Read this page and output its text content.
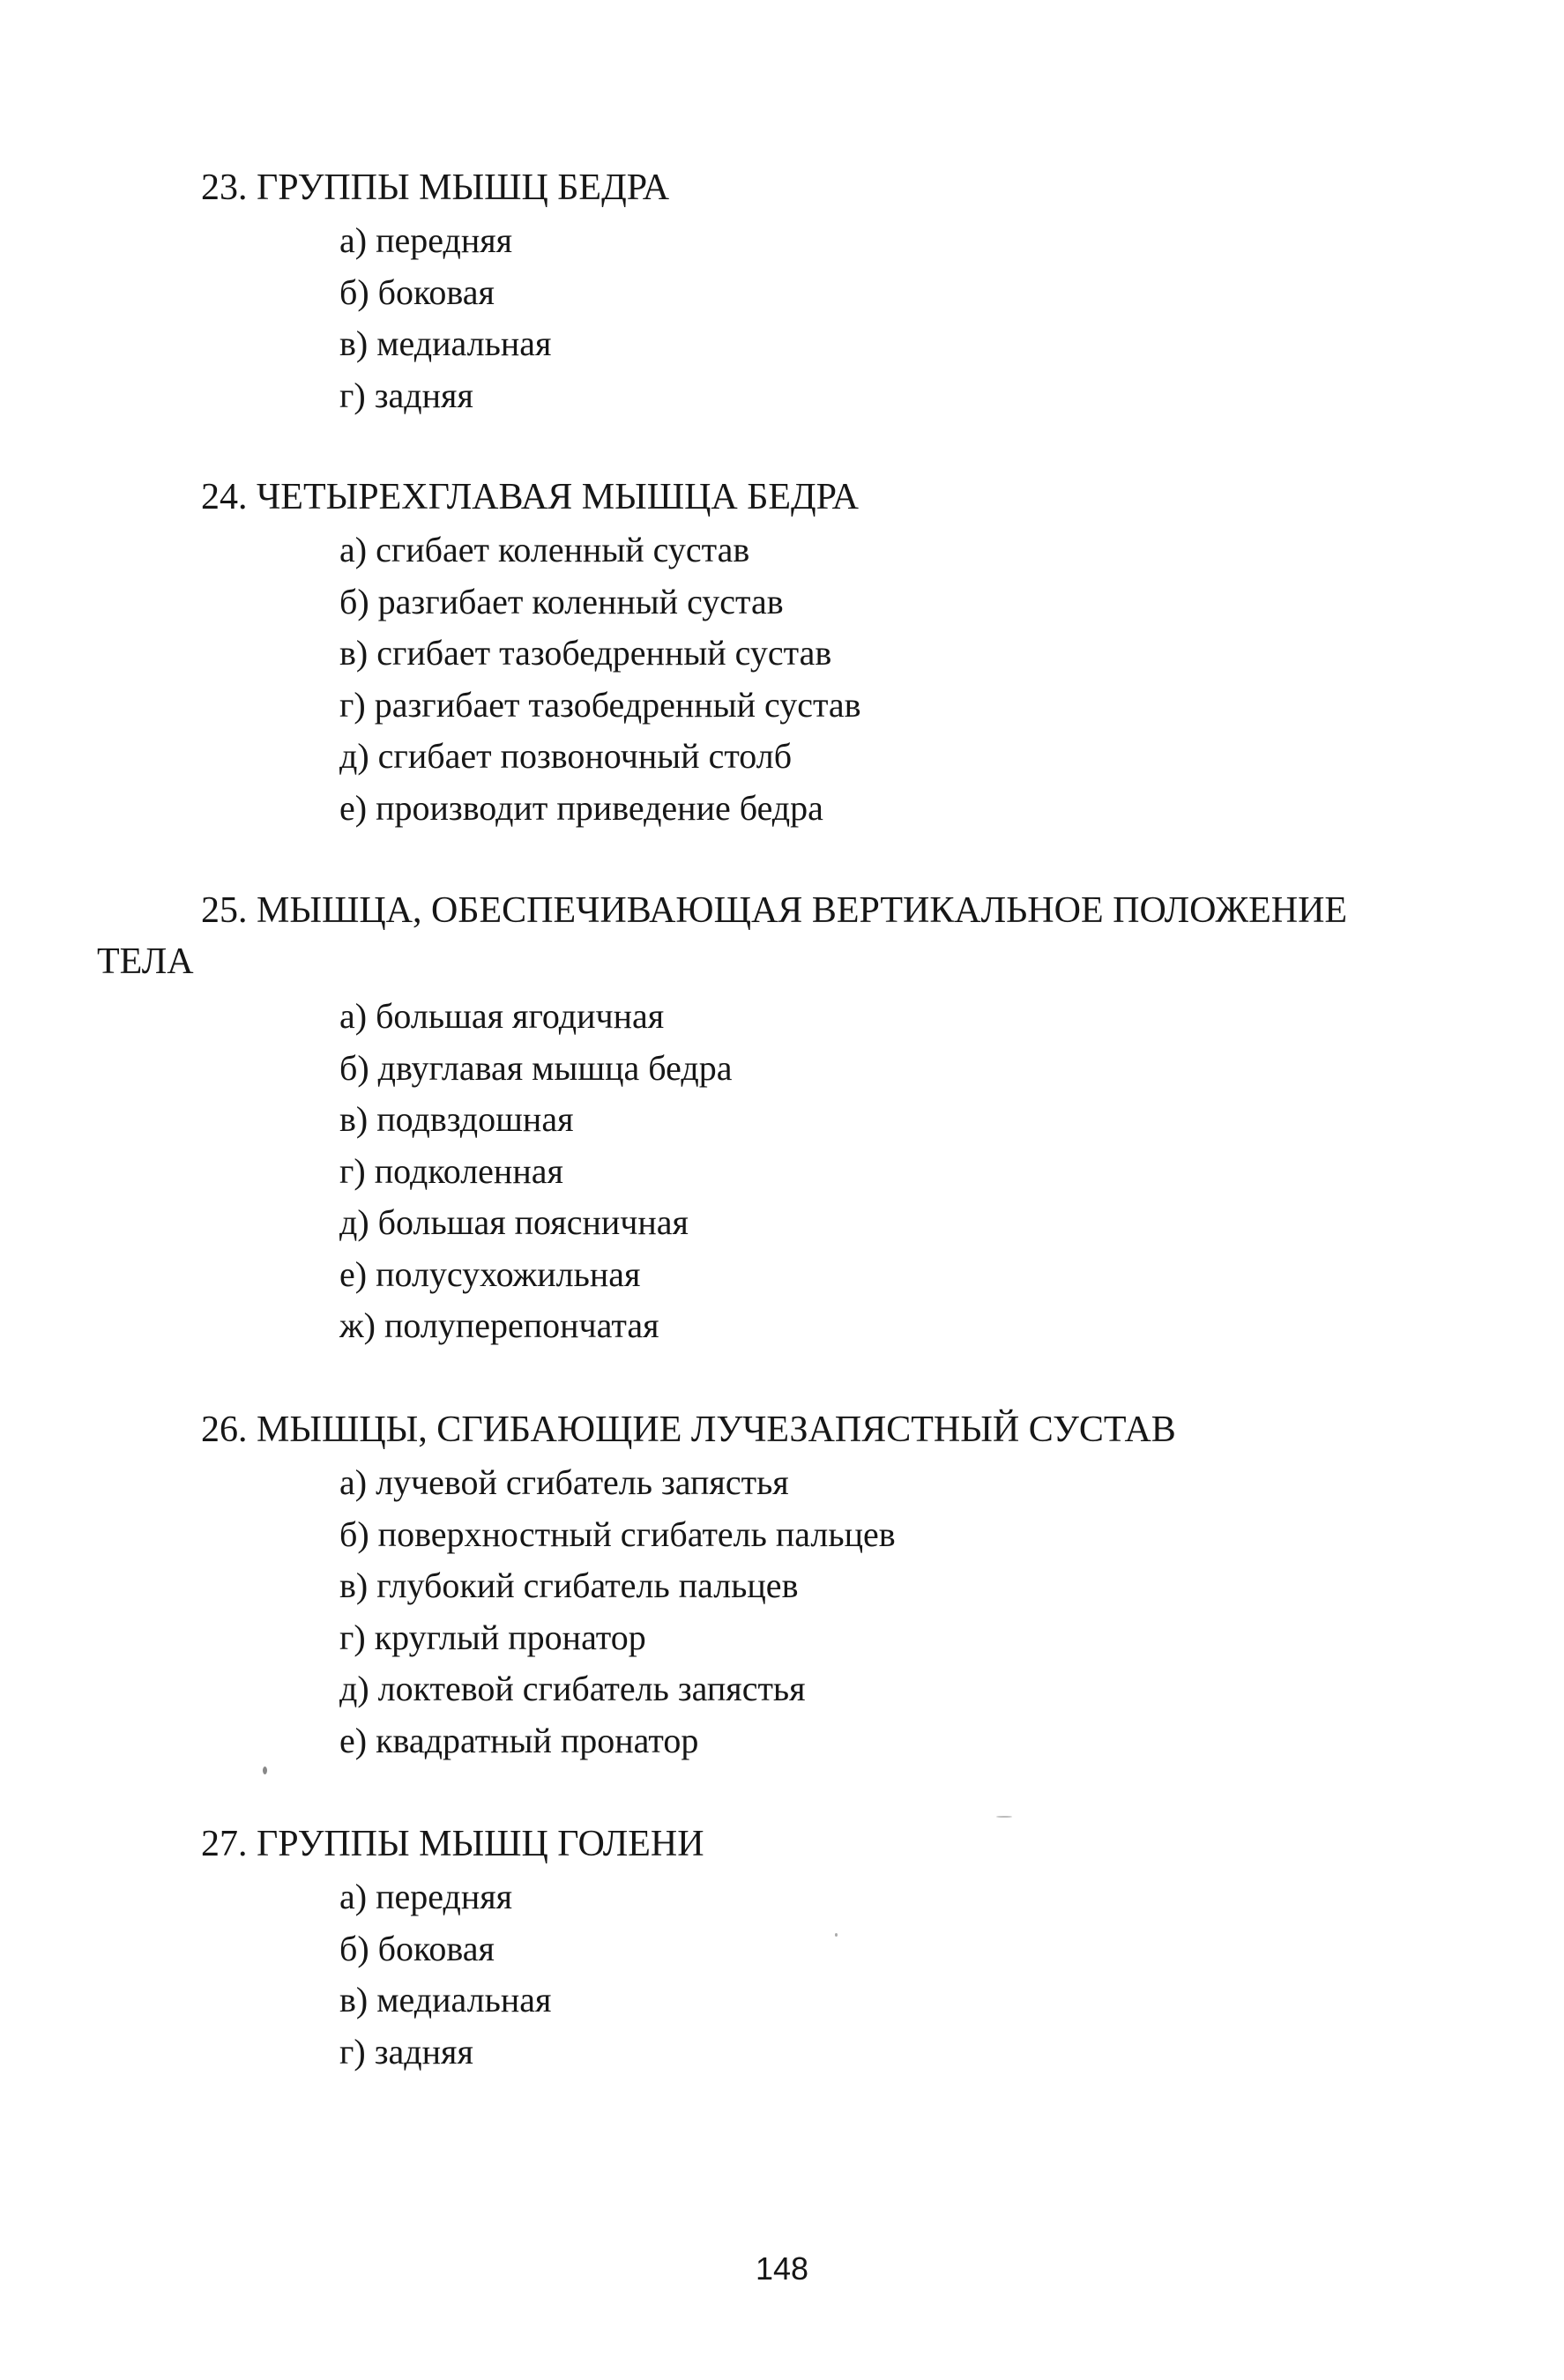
23. ГРУППЫ МЫШЦ БЕДРА
а) передняя
б) боковая
в) медиальная
г) задняя
24. ЧЕТЫРЕХГЛАВАЯ МЫШЦА БЕДРА
а) сгибает коленный сустав
б) разгибает коленный сустав
в) сгибает тазобедренный сустав
г) разгибает тазобедренный сустав
д) сгибает позвоночный столб
е) производит приведение бедра
25. МЫШЦА, ОБЕСПЕЧИВАЮЩАЯ ВЕРТИКАЛЬНОЕ ПОЛОЖЕНИЕ
ТЕЛА
а) большая ягодичная
б) двуглавая мышца бедра
в) подвздошная
г) подколенная
д) большая поясничная
е) полусухожильная
ж) полуперепончатая
26. МЫШЦЫ, СГИБАЮЩИЕ ЛУЧЕЗАПЯСТНЫЙ СУСТАВ
а) лучевой сгибатель запястья
б) поверхностный сгибатель пальцев
в) глубокий сгибатель пальцев
г) круглый пронатор
д) локтевой сгибатель запястья
е) квадратный пронатор
27. ГРУППЫ МЫШЦ ГОЛЕНИ
а) передняя
б) боковая
в) медиальная
г) задняя
148
